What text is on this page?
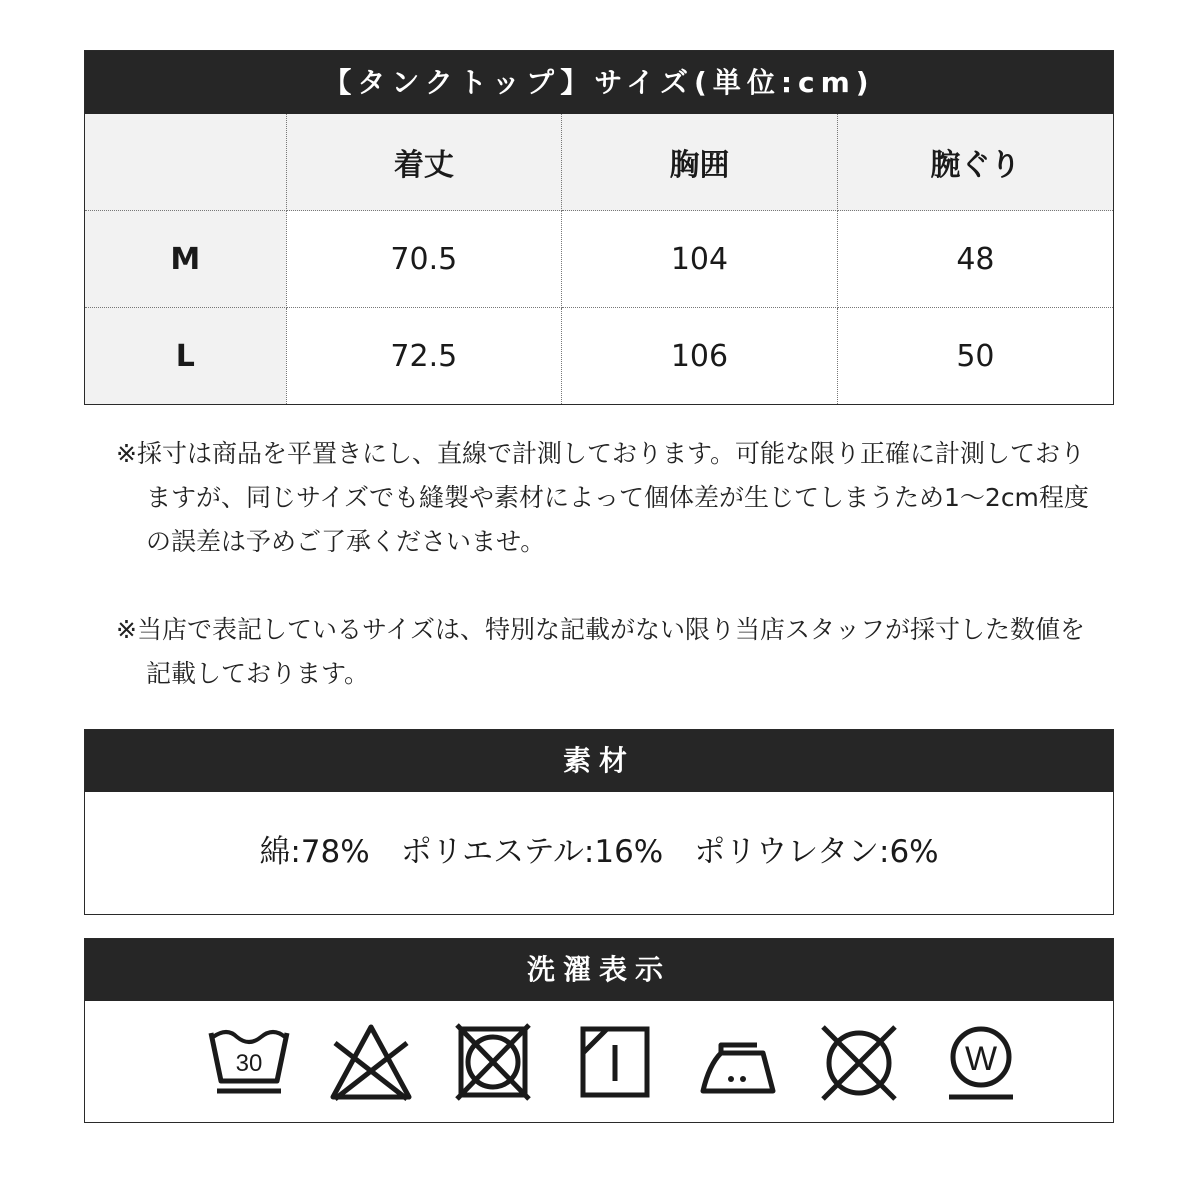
【タンクトップ】サイズ(単位:cm)
	着丈	胸囲	腕ぐり
M	70.5	104	48
L	72.5	106	50

※採寸は商品を平置きにし、直線で計測しております。可能な限り正確に計測しておりますが、同じサイズでも縫製や素材によって個体差が生じてしまうため1〜2cm程度の誤差は予めご了承くださいませ。

※当店で表記しているサイズは、特別な記載がない限り当店スタッフが採寸した数値を記載しております。

素材
綿:78%　ポリエステル:16%　ポリウレタン:6%
洗濯表示
30	W
